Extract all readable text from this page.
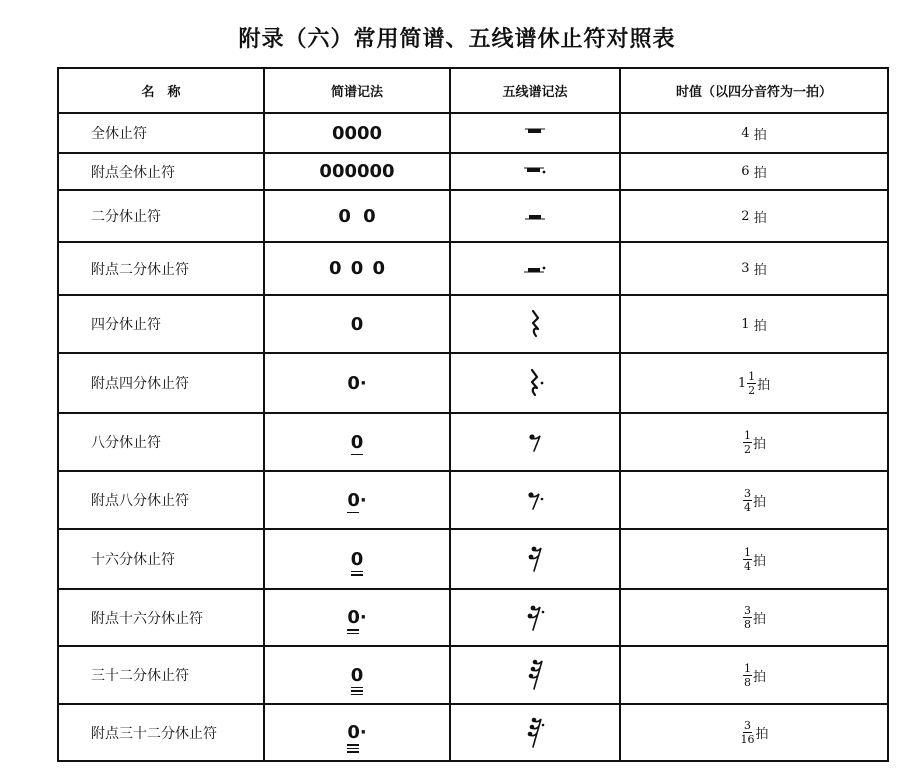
附录（六）常用简谱、五线谱休止符对照表
名　称	简谱记法	五线谱记法	时值（以四分音符为一拍）
全休止符	0000		4 拍
附点全休止符	000000		6 拍
二分休止符	0 0		2 拍
附点二分休止符	0 0 0		3 拍
四分休止符	0		1 拍
附点四分休止符	0·		$1 \frac{1}{2}$ 拍
八分休止符	0		$\frac{1}{2}$ 拍
附点八分休止符	0·		$\frac{3}{4}$ 拍
十六分休止符	0		$\frac{1}{4}$ 拍
附点十六分休止符	0·		$\frac{3}{8}$ 拍
三十二分休止符	0		$\frac{1}{8}$ 拍
附点三十二分休止符	0·		$\frac{3}{16}$ 拍
